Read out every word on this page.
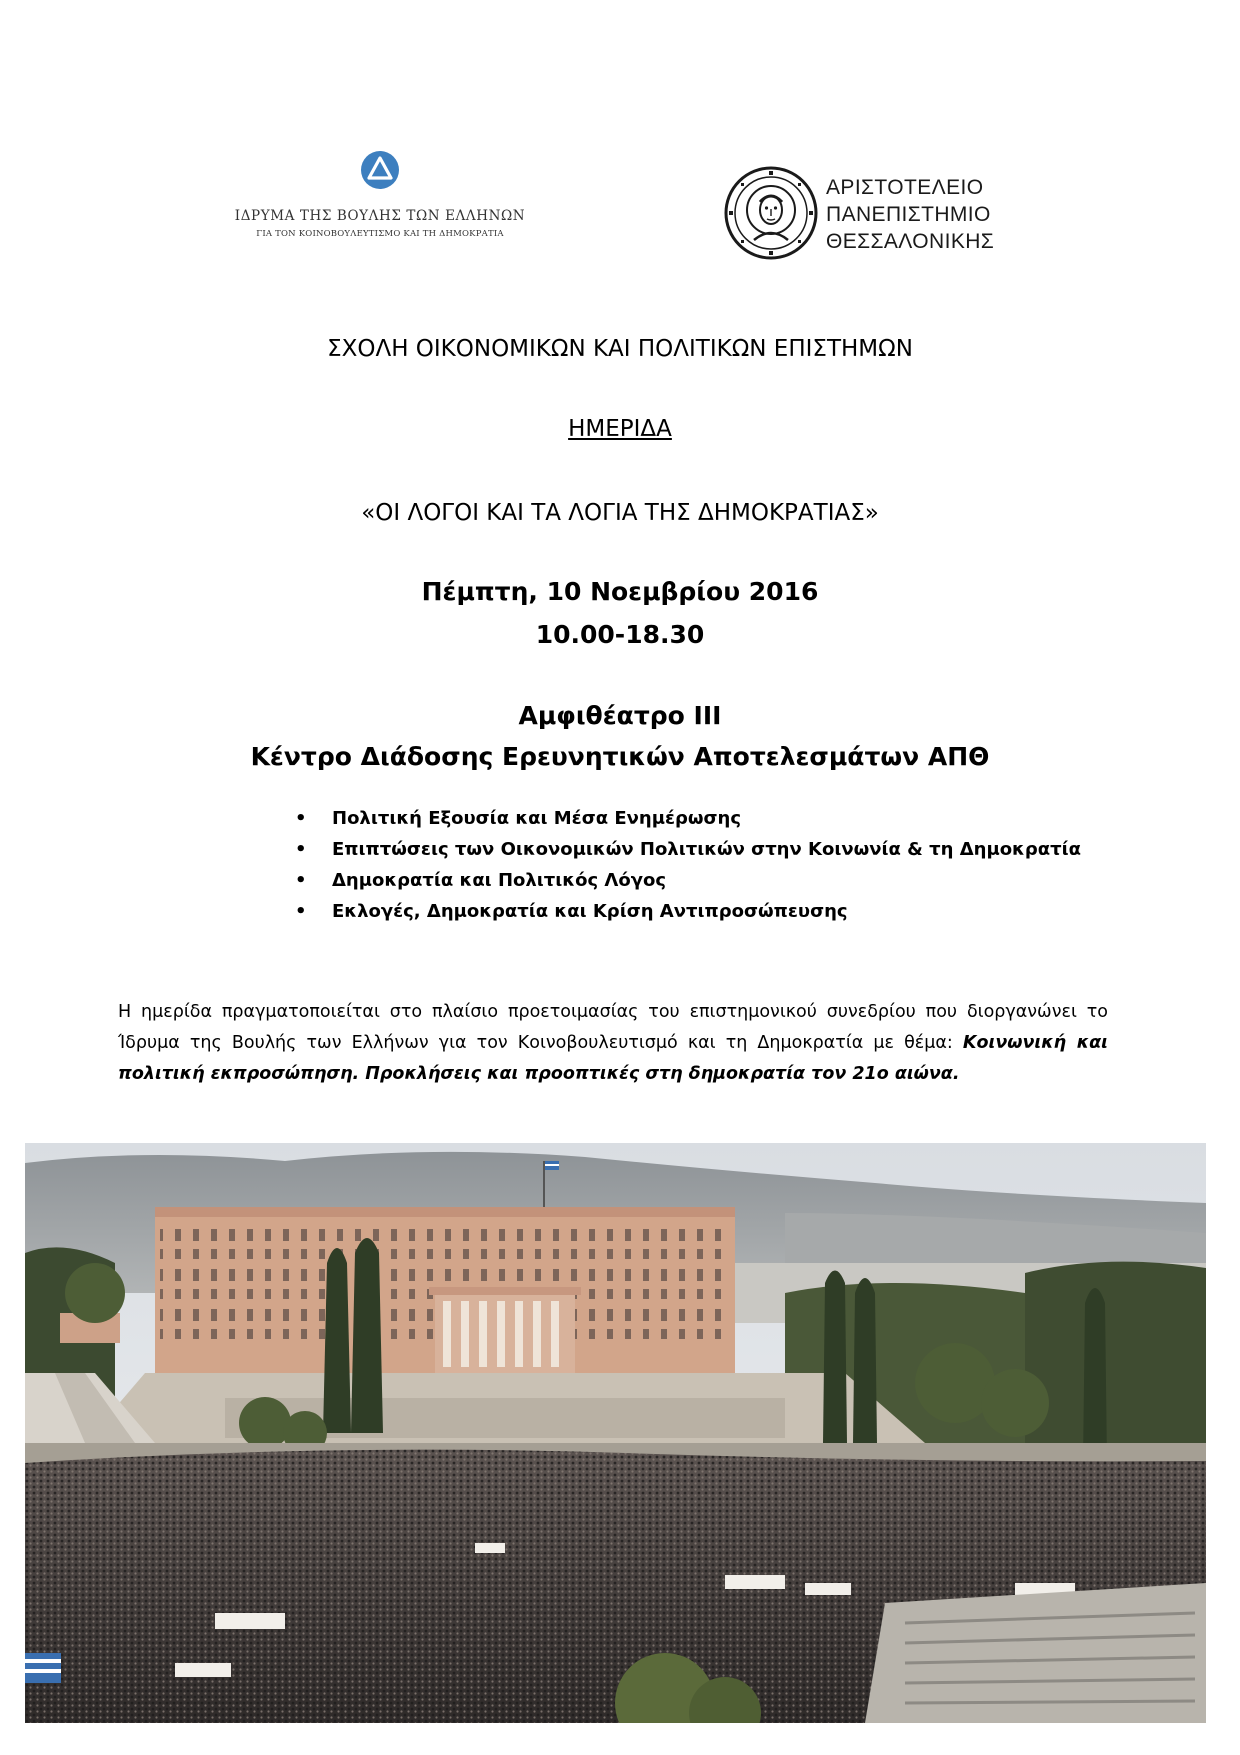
ΙΔΡΥΜΑ ΤΗΣ ΒΟΥΛΗΣ ΤΩΝ ΕΛΛΗΝΩΝ
ΓΙΑ ΤΟΝ ΚΟΙΝΟΒΟΥΛΕΥΤΙΣΜΟ ΚΑΙ ΤΗ ΔΗΜΟΚΡΑΤΙΑ
ΑΡΙΣΤΟΤΕΛΕΙΟ
ΠΑΝΕΠΙΣΤΗΜΙΟ
ΘΕΣΣΑΛΟΝΙΚΗΣ
ΣΧΟΛΗ ΟΙΚΟΝΟΜΙΚΩΝ ΚΑΙ ΠΟΛΙΤΙΚΩΝ ΕΠΙΣΤΗΜΩΝ
ΗΜΕΡΙΔΑ
«ΟΙ ΛΟΓΟΙ ΚΑΙ ΤΑ ΛΟΓΙΑ ΤΗΣ ΔΗΜΟΚΡΑΤΙΑΣ»
Πέμπτη, 10 Νοεμβρίου 2016
10.00-18.30
Αμφιθέατρο ΙΙΙ
Κέντρο Διάδοσης Ερευνητικών Αποτελεσμάτων ΑΠΘ
• Πολιτική Εξουσία και Μέσα Ενημέρωσης
• Επιπτώσεις των Οικονομικών Πολιτικών στην Κοινωνία & τη Δημοκρατία
• Δημοκρατία και Πολιτικός Λόγος
• Εκλογές, Δημοκρατία και Κρίση Αντιπροσώπευσης
Η ημερίδα πραγματοποιείται στο πλαίσιο προετοιμασίας του επιστημονικού συνεδρίου που διοργανώνει το Ίδρυμα της Βουλής των Ελλήνων για τον Κοινοβουλευτισμό και τη Δημοκρατία με θέμα: Κοινωνική και πολιτική εκπροσώπηση. Προκλήσεις και προοπτικές στη δημοκρατία τον 21ο αιώνα.
